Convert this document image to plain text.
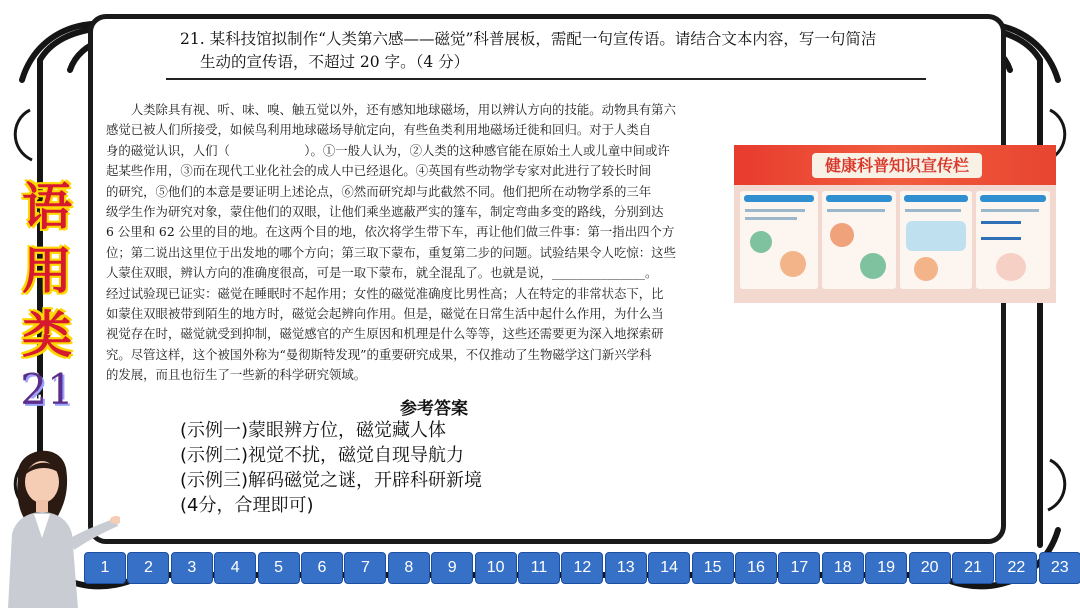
21. 某科技馆拟制作“人类第六感——磁觉”科普展板，需配一句宣传语。请结合文本内容，写一句简洁
生动的宣传语，不超过 20 字。（4 分）
　　人类除具有视、听、味、嗅、触五觉以外，还有感知地球磁场，用以辨认方向的技能。动物具有第六
感觉已被人们所接受，如候鸟利用地球磁场导航定向，有些鱼类利用地磁场迁徙和回归。对于人类自
身的磁觉认识，人们（　　　　　　）。①一般人认为，②人类的这种感官能在原始土人或儿童中间或许
起某些作用，③而在现代工业化社会的成人中已经退化。④英国有些动物学专家对此进行了较长时间
的研究，⑤他们的本意是要证明上述论点，⑥然而研究却与此截然不同。他们把所在动物学系的三年
级学生作为研究对象，蒙住他们的双眼，让他们乘坐遮蔽严实的篷车，制定弯曲多变的路线，分别到达
6 公里和 62 公里的目的地。在这两个目的地，依次将学生带下车，再让他们做三件事：第一指出四个方
位；第二说出这里位于出发地的哪个方向；第三取下蒙布，重复第二步的问题。试验结果令人吃惊：这些
人蒙住双眼，辨认方向的准确度很高，可是一取下蒙布，就全混乱了。也就是说，_______________。
经过试验现已证实：磁觉在睡眠时不起作用；女性的磁觉准确度比男性高；人在特定的非常状态下，比
如蒙住双眼被带到陌生的地方时，磁觉会起辨向作用。但是，磁觉在日常生活中起什么作用，为什么当
视觉存在时，磁觉就受到抑制，磁觉感官的产生原因和机理是什么等等，这些还需要更为深入地探索研
究。尽管这样，这个被国外称为“曼彻斯特发现”的重要研究成果，不仅推动了生物磁学这门新兴学科
的发展，而且也衍生了一些新的科学研究领域。
健康科普知识宣传栏
语
用
类
21	参考答案
(示例一)蒙眼辨方位，磁觉藏人体
(示例二)视觉不扰，磁觉自现导航力
(示例三)解码磁觉之谜，开辟科研新境
(4分，合理即可)
1	2	3	4	5	6	7	8	9	10	11	12	13	14	15	16	17	18	19	20	21	22	23
